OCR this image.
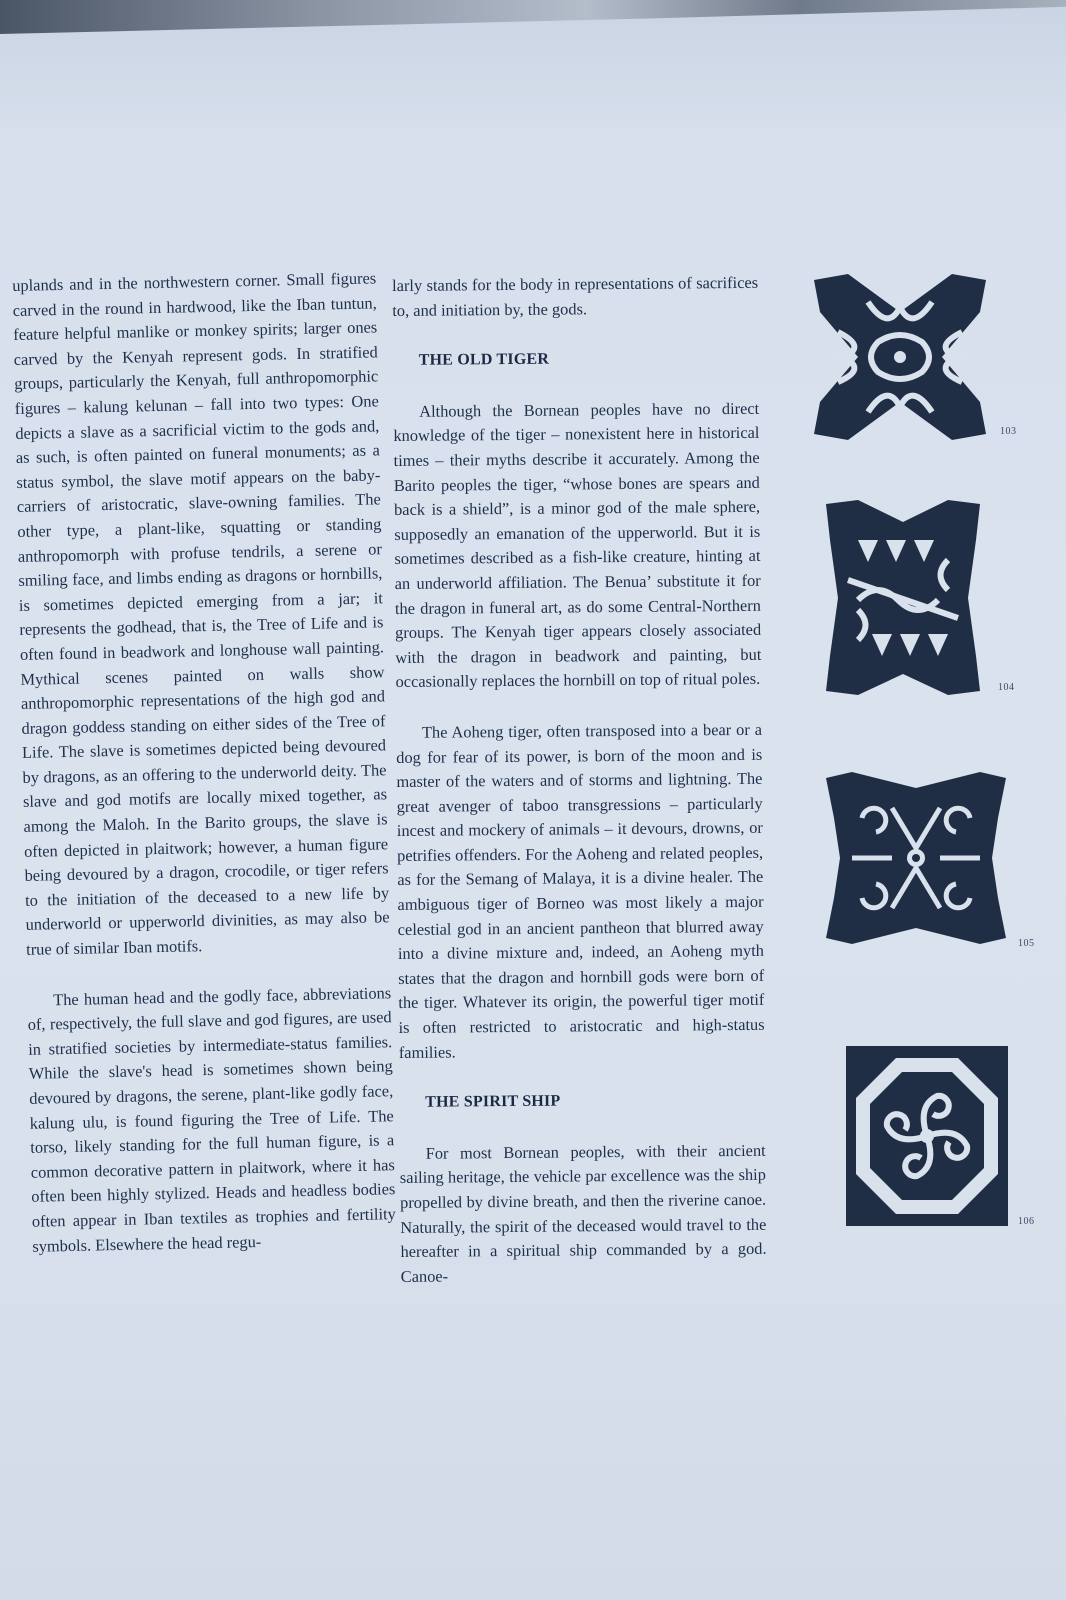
uplands and in the northwestern corner. Small figures carved in the round in hardwood, like the Iban tuntun, feature helpful manlike or monkey spirits; larger ones carved by the Kenyah represent gods. In stratified groups, particularly the Kenyah, full anthropomorphic figures – kalung kelunan – fall into two types: One depicts a slave as a sacrificial victim to the gods and, as such, is often painted on funeral monuments; as a status symbol, the slave motif appears on the baby-carriers of aristocratic, slave-owning families. The other type, a plant-like, squatting or standing anthropomorph with profuse tendrils, a serene or smiling face, and limbs ending as dragons or hornbills, is sometimes depicted emerging from a jar; it represents the godhead, that is, the Tree of Life and is often found in beadwork and longhouse wall painting. Mythical scenes painted on walls show anthropomorphic representations of the high god and dragon goddess standing on either sides of the Tree of Life. The slave is sometimes depicted being devoured by dragons, as an offering to the underworld deity. The slave and god motifs are locally mixed together, as among the Maloh. In the Barito groups, the slave is often depicted in plaitwork; however, a human figure being devoured by a dragon, crocodile, or tiger refers to the initiation of the deceased to a new life by underworld or upperworld divinities, as may also be true of similar Iban motifs.

The human head and the godly face, abbreviations of, respectively, the full slave and god figures, are used in stratified societies by intermediate-status families. While the slave's head is sometimes shown being devoured by dragons, the serene, plant-like godly face, kalung ulu, is found figuring the Tree of Life. The torso, likely standing for the full human figure, is a common decorative pattern in plaitwork, where it has often been highly stylized. Heads and headless bodies often appear in Iban textiles as trophies and fertility symbols. Elsewhere the head regu-

larly stands for the body in representations of sacrifices to, and initiation by, the gods.

THE OLD TIGER

Although the Bornean peoples have no direct knowledge of the tiger – nonexistent here in historical times – their myths describe it accurately. Among the Barito peoples the tiger, “whose bones are spears and back is a shield”, is a minor god of the male sphere, supposedly an emanation of the upperworld. But it is sometimes described as a fish-like creature, hinting at an underworld affiliation. The Benua’ substitute it for the dragon in funeral art, as do some Central-Northern groups. The Kenyah tiger appears closely associated with the dragon in beadwork and painting, but occasionally replaces the hornbill on top of ritual poles.

The Aoheng tiger, often transposed into a bear or a dog for fear of its power, is born of the moon and is master of the waters and of storms and lightning. The great avenger of taboo transgressions – particularly incest and mockery of animals – it devours, drowns, or petrifies offenders. For the Aoheng and related peoples, as for the Semang of Malaya, it is a divine healer. The ambiguous tiger of Borneo was most likely a major celestial god in an ancient pantheon that blurred away into a divine mixture and, indeed, an Aoheng myth states that the dragon and hornbill gods were born of the tiger. Whatever its origin, the powerful tiger motif is often restricted to aristocratic and high-status families.

THE SPIRIT SHIP

For most Bornean peoples, with their ancient sailing heritage, the vehicle par excellence was the ship propelled by divine breath, and then the riverine canoe. Naturally, the spirit of the deceased would travel to the hereafter in a spiritual ship commanded by a god. Canoe-

103
104
105
106
